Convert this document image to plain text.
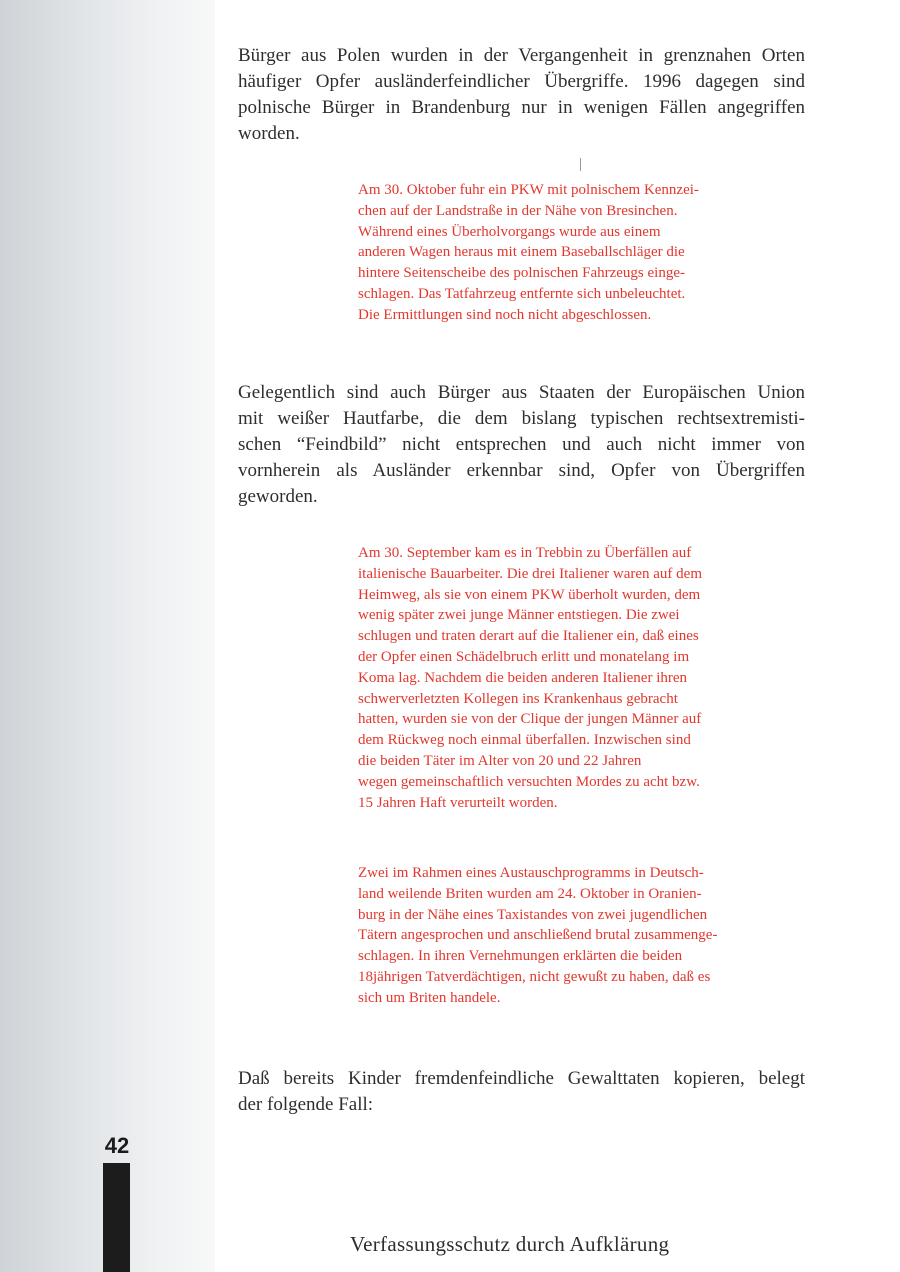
42
Bürger aus Polen wurden in der Vergangenheit in grenznahen Orten
häufiger Opfer ausländerfeindlicher Übergriffe. 1996 dagegen sind
polnische Bürger in Brandenburg nur in wenigen Fällen angegriffen
worden.
Am 30. Oktober fuhr ein PKW mit polnischem Kennzei-
chen auf der Landstraße in der Nähe von Bresinchen.
Während eines Überholvorgangs wurde aus einem
anderen Wagen heraus mit einem Baseballschläger die
hintere Seitenscheibe des polnischen Fahrzeugs einge-
schlagen. Das Tatfahrzeug entfernte sich unbeleuchtet.
Die Ermittlungen sind noch nicht abgeschlossen.
Gelegentlich sind auch Bürger aus Staaten der Europäischen Union
mit weißer Hautfarbe, die dem bislang typischen rechtsextremisti-
schen “Feindbild” nicht entsprechen und auch nicht immer von
vornherein als Ausländer erkennbar sind, Opfer von Übergriffen
geworden.
Am 30. September kam es in Trebbin zu Überfällen auf
italienische Bauarbeiter. Die drei Italiener waren auf dem
Heimweg, als sie von einem PKW überholt wurden, dem
wenig später zwei junge Männer entstiegen. Die zwei
schlugen und traten derart auf die Italiener ein, daß eines
der Opfer einen Schädelbruch erlitt und monatelang im
Koma lag. Nachdem die beiden anderen Italiener ihren
schwerverletzten Kollegen ins Krankenhaus gebracht
hatten, wurden sie von der Clique der jungen Männer auf
dem Rückweg noch einmal überfallen. Inzwischen sind
die beiden Täter im Alter von 20 und 22 Jahren
wegen gemeinschaftlich versuchten Mordes zu acht bzw.
15 Jahren Haft verurteilt worden.
Zwei im Rahmen eines Austauschprogramms in Deutsch-
land weilende Briten wurden am 24. Oktober in Oranien-
burg in der Nähe eines Taxistandes von zwei jugendlichen
Tätern angesprochen und anschließend brutal zusammenge-
schlagen. In ihren Vernehmungen erklärten die beiden
18jährigen Tatverdächtigen, nicht gewußt zu haben, daß es
sich um Briten handele.
Daß bereits Kinder fremdenfeindliche Gewalttaten kopieren, belegt
der folgende Fall:
Verfassungsschutz durch Aufklärung
